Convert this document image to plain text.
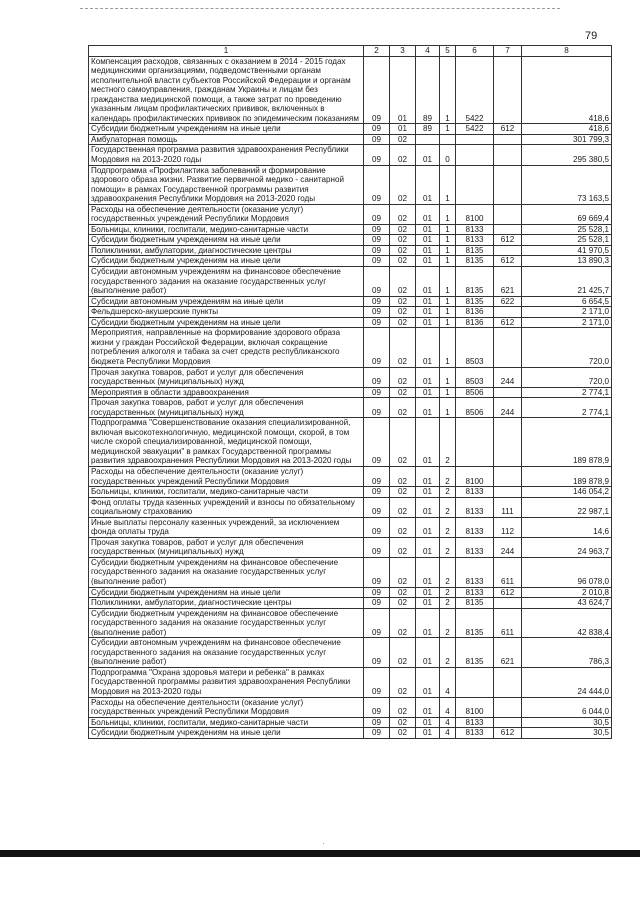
79
1	2	3	4	5	6	7	8
Компенсация расходов, связанных с оказанием в 2014 - 2015 годах медицинскими организациями, подведомственными органам исполнительной власти субъектов Российской Федерации и органам местного самоуправления, гражданам Украины и лицам без гражданства медицинской помощи, а также затрат по проведению указанным лицам профилактических прививок, включенных в календарь профилактических прививок по эпидемическим показаниям	09	01	89	1	5422		418,6
Субсидии бюджетным учреждениям на иные цели	09	01	89	1	5422	612	418,6
Амбулаторная помощь	09	02					301 799,3
Государственная программа развития здравоохранения Республики Мордовия на 2013-2020 годы	09	02	01	0			295 380,5
Подпрограмма «Профилактика заболеваний и формирование здорового образа жизни. Развитие первичной медико - санитарной помощи» в рамках Государственной программы развития здравоохранения Республики Мордовия на 2013-2020 годы	09	02	01	1			73 163,5
Расходы на обеспечение деятельности (оказание услуг) государственных учреждений Республики Мордовия	09	02	01	1	8100		69 669,4
Больницы, клиники, госпитали, медико-санитарные части	09	02	01	1	8133		25 528,1
Субсидии бюджетным учреждениям на иные цели	09	02	01	1	8133	612	25 528,1
Поликлиники, амбулатории, диагностические центры	09	02	01	1	8135		41 970,5
Субсидии бюджетным учреждениям на иные цели	09	02	01	1	8135	612	13 890,3
Субсидии автономным учреждениям на финансовое обеспечение государственного задания на оказание государственных услуг (выполнение работ)	09	02	01	1	8135	621	21 425,7
Субсидии автономным учреждениям на иные цели	09	02	01	1	8135	622	6 654,5
Фельдшерско-акушерские пункты	09	02	01	1	8136		2 171,0
Субсидии бюджетным учреждениям на иные цели	09	02	01	1	8136	612	2 171,0
Мероприятия, направленные на формирование здорового образа жизни у граждан Российской Федерации, включая сокращение потребления алкоголя и табака за счет средств республиканского бюджета Республики Мордовия	09	02	01	1	8503		720,0
Прочая закупка товаров, работ и услуг для обеспечения государственных (муниципальных) нужд	09	02	01	1	8503	244	720,0
Мероприятия в области здравоохранения	09	02	01	1	8506		2 774,1
Прочая закупка товаров, работ и услуг для обеспечения государственных (муниципальных) нужд	09	02	01	1	8506	244	2 774,1
Подпрограмма "Совершенствование оказания специализированной, включая высокотехнологичную, медицинской помощи, скорой, в том числе скорой специализированной, медицинской помощи, медицинской эвакуации" в рамках Государственной программы развития здравоохранения Республики Мордовия на 2013-2020 годы	09	02	01	2			189 878,9
Расходы на обеспечение деятельности (оказание услуг) государственных учреждений Республики Мордовия	09	02	01	2	8100		189 878,9
Больницы, клиники, госпитали, медико-санитарные части	09	02	01	2	8133		146 054,2
Фонд оплаты труда казенных учреждений и взносы по обязательному социальному страхованию	09	02	01	2	8133	111	22 987,1
Иные выплаты персоналу казенных учреждений, за исключением фонда оплаты труда	09	02	01	2	8133	112	14,6
Прочая закупка товаров, работ и услуг для обеспечения государственных (муниципальных) нужд	09	02	01	2	8133	244	24 963,7
Субсидии бюджетным учреждениям на финансовое обеспечение государственного задания на оказание государственных услуг (выполнение работ)	09	02	01	2	8133	611	96 078,0
Субсидии бюджетным учреждениям на иные цели	09	02	01	2	8133	612	2 010,8
Поликлиники, амбулатории, диагностические центры	09	02	01	2	8135		43 624,7
Субсидии бюджетным учреждениям на финансовое обеспечение государственного задания на оказание государственных услуг (выполнение работ)	09	02	01	2	8135	611	42 838,4
Субсидии автономным учреждениям на финансовое обеспечение государственного задания на оказание государственных услуг (выполнение работ)	09	02	01	2	8135	621	786,3
Подпрограмма "Охрана здоровья матери и ребенка" в рамках Государственной программы развития здравоохранения Республики Мордовия на 2013-2020 годы	09	02	01	4			24 444,0
Расходы на обеспечение деятельности (оказание услуг) государственных учреждений Республики Мордовия	09	02	01	4	8100		6 044,0
Больницы, клиники, госпитали, медико-санитарные части	09	02	01	4	8133		30,5
Субсидии бюджетным учреждениям на иные цели	09	02	01	4	8133	612	30,5
·
